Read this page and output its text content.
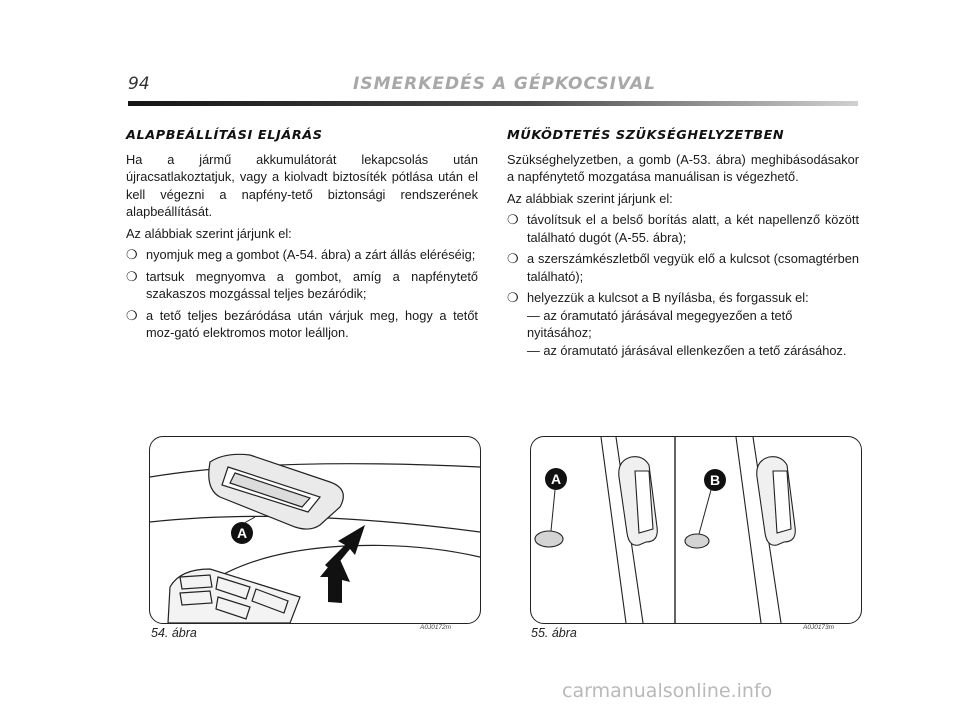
94	ISMERKEDÉS A GÉPKOCSIVAL
ALAPBEÁLLÍTÁSI ELJÁRÁS

Ha a jármű akkumulátorát lekapcsolás után újracsatlakoztatjuk, vagy a kiolvadt biztosíték pótlása után el kell végezni a napfény-tető biztonsági rendszerének alapbeállítását.

Az alábbiak szerint járjunk el:

❍ nyomjuk meg a gombot (A-54. ábra) a zárt állás eléréséig;
❍ tartsuk megnyomva a gombot, amíg a napfénytető szakaszos mozgással teljes bezáródik;
❍ a tető teljes bezáródása után várjuk meg, hogy a tetőt moz-gató elektromos motor leálljon.
MŰKÖDTETÉS SZÜKSÉGHELYZETBEN

Szükséghelyzetben, a gomb (A-53. ábra) meghibásodásakor a napfénytető mozgatása manuálisan is végezhető.

Az alábbiak szerint járjunk el:

❍ távolítsuk el a belső borítás alatt, a két napellenző között található dugót (A-55. ábra);
❍ a szerszámkészletből vegyük elő a kulcsot (csomagtérben található);
❍ helyezzük a kulcsot a B nyílásba, és forgassuk el:
— az óramutató járásával megegyezően a tető nyitásához;
— az óramutató járásával ellenkezően a tető zárásához.
A
54. ábra	A0J0172m
A	B
55. ábra	A0J0173m
carmanualsonline.info
